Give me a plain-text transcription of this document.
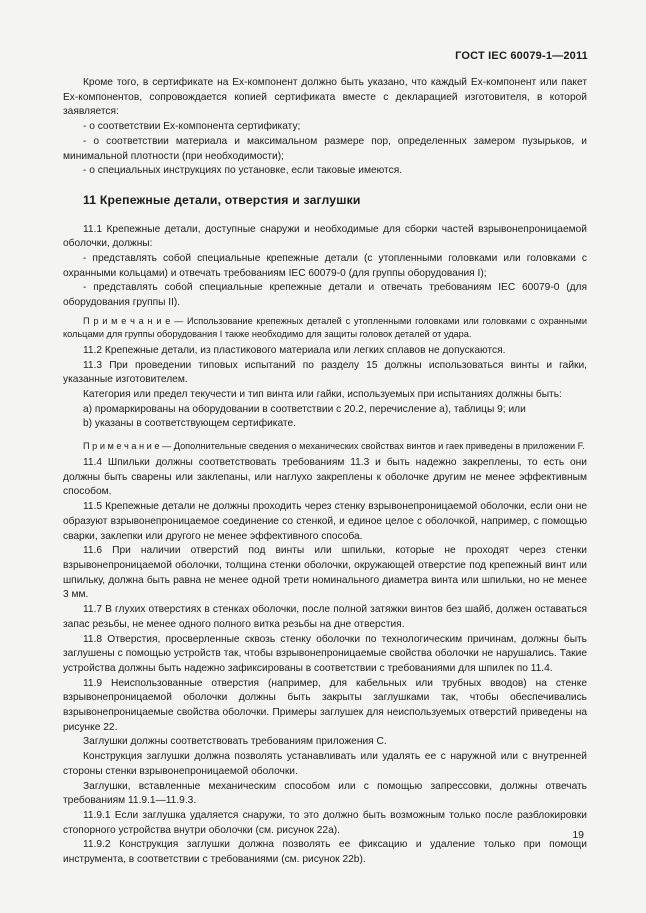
ГОСТ IEC 60079-1—2011

Кроме того, в сертификате на Ex-компонент должно быть указано, что каждый Ex-компонент или пакет Ex-компонентов, сопровождается копией сертификата вместе с декларацией изготовителя, в которой заявляется:

- о соответствии Ex-компонента сертификату;

- о соответствии материала и максимальном размере пор, определенных замером пузырьков, и минимальной плотности (при необходимости);

- о специальных инструкциях по установке, если таковые имеются.

11 Крепежные детали, отверстия и заглушки

11.1 Крепежные детали, доступные снаружи и необходимые для сборки частей взрывонепроницаемой оболочки, должны:

- представлять собой специальные крепежные детали (с утопленными головками или головками с охранными кольцами) и отвечать требованиям IEC 60079-0 (для группы оборудования I);

- представлять собой специальные крепежные детали и отвечать требованиям IEC 60079-0 (для оборудования группы II).

П р и м е ч а н и е — Использование крепежных деталей с утопленными головками или головками с охранными кольцами для группы оборудования I также необходимо для защиты головок деталей от удара.

11.2 Крепежные детали, из пластикового материала или легких сплавов не допускаются.

11.3 При проведении типовых испытаний по разделу 15 должны использоваться винты и гайки, указанные изготовителем.

Категория или предел текучести и тип винта или гайки, используемых при испытаниях должны быть:

а) промаркированы на оборудовании в соответствии с 20.2, перечисление а), таблицы 9; или

b) указаны в соответствующем сертификате.

П р и м е ч а н и е — Дополнительные сведения о механических свойствах винтов и гаек приведены в приложении F.

11.4 Шпильки должны соответствовать требованиям 11.3 и быть надежно закреплены, то есть они должны быть сварены или заклепаны, или наглухо закреплены к оболочке другим не менее эффективным способом.

11.5 Крепежные детали не должны проходить через стенку взрывонепроницаемой оболочки, если они не образуют взрывонепроницаемое соединение со стенкой, и единое целое с оболочкой, например, с помощью сварки, заклепки или другого не менее эффективного способа.

11.6 При наличии отверстий под винты или шпильки, которые не проходят через стенки взрывонепроницаемой оболочки, толщина стенки оболочки, окружающей отверстие под крепежный винт или шпильку, должна быть равна не менее одной трети номинального диаметра винта или шпильки, но не менее 3 мм.

11.7 В глухих отверстиях в стенках оболочки, после полной затяжки винтов без шайб, должен оставаться запас резьбы, не менее одного полного витка резьбы на дне отверстия.

11.8 Отверстия, просверленные сквозь стенку оболочки по технологическим причинам, должны быть заглушены с помощью устройств так, чтобы взрывонепроницаемые свойства оболочки не нарушались. Такие устройства должны быть надежно зафиксированы в соответствии с требованиями для шпилек по 11.4.

11.9 Неиспользованные отверстия (например, для кабельных или трубных вводов) на стенке взрывонепроницаемой оболочки должны быть закрыты заглушками так, чтобы обеспечивались взрывонепроницаемые свойства оболочки. Примеры заглушек для неиспользуемых отверстий приведены на рисунке 22.

Заглушки должны соответствовать требованиям приложения С.

Конструкция заглушки должна позволять устанавливать или удалять ее с наружной или с внутренней стороны стенки взрывонепроницаемой оболочки.

Заглушки, вставленные механическим способом или с помощью запрессовки, должны отвечать требованиям 11.9.1—11.9.3.

11.9.1 Если заглушка удаляется снаружи, то это должно быть возможным только после разблокировки стопорного устройства внутри оболочки (см. рисунок 22а).

11.9.2 Конструкция заглушки должна позволять ее фиксацию и удаление только при помощи инструмента, в соответствии с требованиями (см. рисунок 22b).

19
